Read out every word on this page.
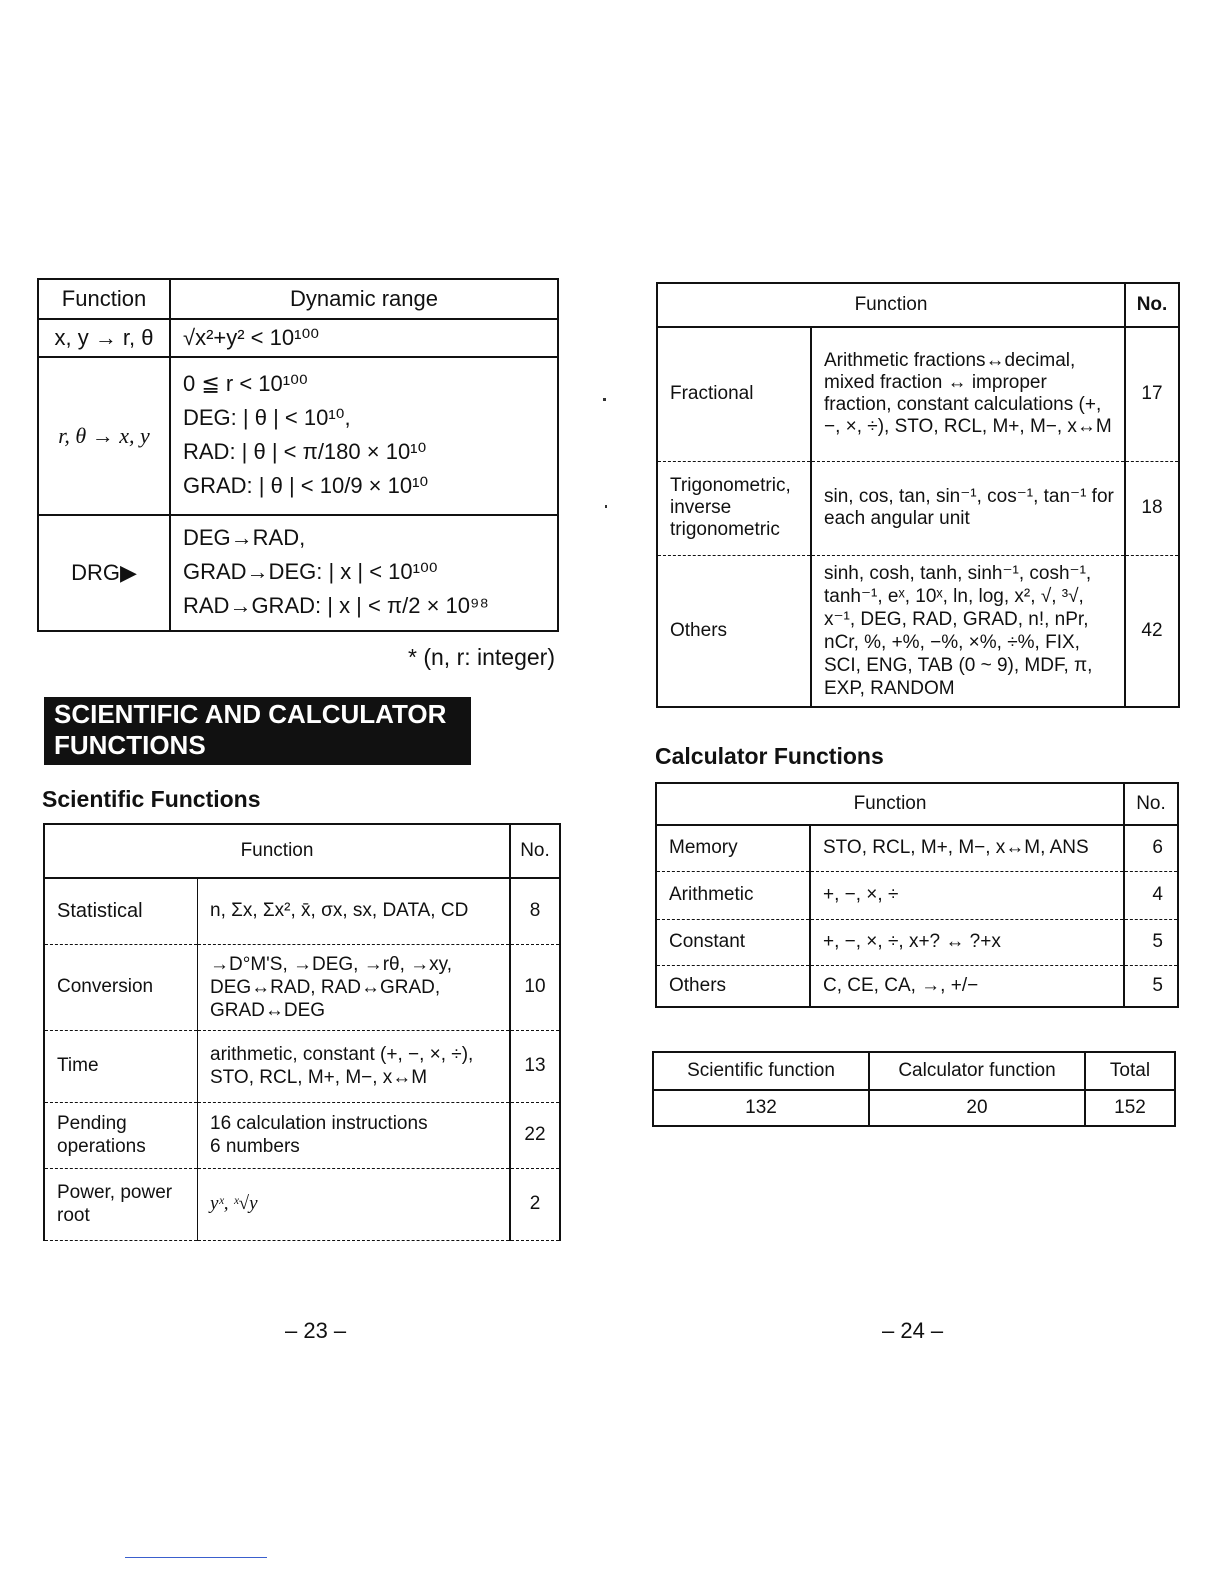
Function	Dynamic range
x, y → r, θ	√x²+y² < 10¹⁰⁰
r, θ → x, y	0 ≦ r < 10¹⁰⁰
DEG: | θ | < 10¹⁰,
RAD: | θ | < π/180 × 10¹⁰
GRAD: | θ | < 10/9 × 10¹⁰

DRG▶	DEG→RAD,
GRAD→DEG: | x | < 10¹⁰⁰
RAD→GRAD: | x | < π/2 × 10⁹⁸
* (n, r: integer)
SCIENTIFIC AND CALCULATOR
FUNCTIONS
Scientific Functions
Function		No.
Statistical	n, Σx, Σx², x̄, σx, sx, DATA, CD	8
Conversion	→D°M'S, →DEG, →rθ, →xy, DEG↔RAD, RAD↔GRAD, GRAD↔DEG	10
Time	arithmetic, constant (+, −, ×, ÷), STO, RCL, M+, M−, x↔M	13
Pending operations	16 calculation instructions 6 numbers	22
Power, power root	yˣ, ˣ√y	2
– 23 –
Function		No.
Fractional	Arithmetic fractions↔decimal, mixed fraction ↔ improper fraction, constant calculations (+, −, ×, ÷), STO, RCL, M+, M−, x↔M	17
Trigonometric, inverse trigonometric	sin, cos, tan, sin⁻¹, cos⁻¹, tan⁻¹ for each angular unit	18
Others	sinh, cosh, tanh, sinh⁻¹, cosh⁻¹, tanh⁻¹, eˣ, 10ˣ, ln, log, x², √, ³√, x⁻¹, DEG, RAD, GRAD, n!, nPr, nCr, %, +%, −%, ×%, ÷%, FIX, SCI, ENG, TAB (0 ~ 9), MDF, π, EXP, RANDOM	42
Calculator Functions
Function		No.
Memory	STO, RCL, M+, M−, x↔M, ANS	6
Arithmetic	+, −, ×, ÷	4
Constant	+, −, ×, ÷, x+? ↔ ?+x	5
Others	C, CE, CA, →, +/−	5
Scientific function	Calculator function	Total
132	20	152
– 24 –
